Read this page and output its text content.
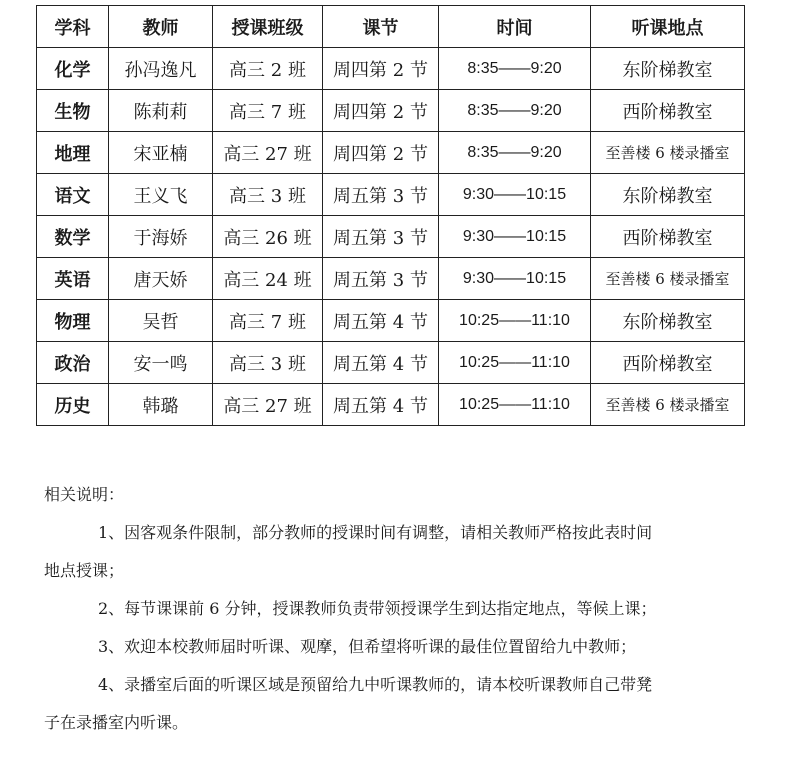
学科	教师	授课班级	课节	时间	听课地点
化学	孙冯逸凡	高三 2 班	周四第 2 节	8:35——9:20	东阶梯教室
生物	陈莉莉	高三 7 班	周四第 2 节	8:35——9:20	西阶梯教室
地理	宋亚楠	高三 27 班	周四第 2 节	8:35——9:20	至善楼 6 楼录播室
语文	王义飞	高三 3 班	周五第 3 节	9:30——10:15	东阶梯教室
数学	于海娇	高三 26 班	周五第 3 节	9:30——10:15	西阶梯教室
英语	唐天娇	高三 24 班	周五第 3 节	9:30——10:15	至善楼 6 楼录播室
物理	吴哲	高三 7 班	周五第 4 节	10:25——11:10	东阶梯教室
政治	安一鸣	高三 3 班	周五第 4 节	10:25——11:10	西阶梯教室
历史	韩璐	高三 27 班	周五第 4 节	10:25——11:10	至善楼 6 楼录播室

相关说明：

1、因客观条件限制，部分教师的授课时间有调整，请相关教师严格按此表时间

地点授课；

2、每节课课前 6 分钟，授课教师负责带领授课学生到达指定地点，等候上课；

3、欢迎本校教师届时听课、观摩，但希望将听课的最佳位置留给九中教师；

4、录播室后面的听课区域是预留给九中听课教师的，请本校听课教师自己带凳

子在录播室内听课。
